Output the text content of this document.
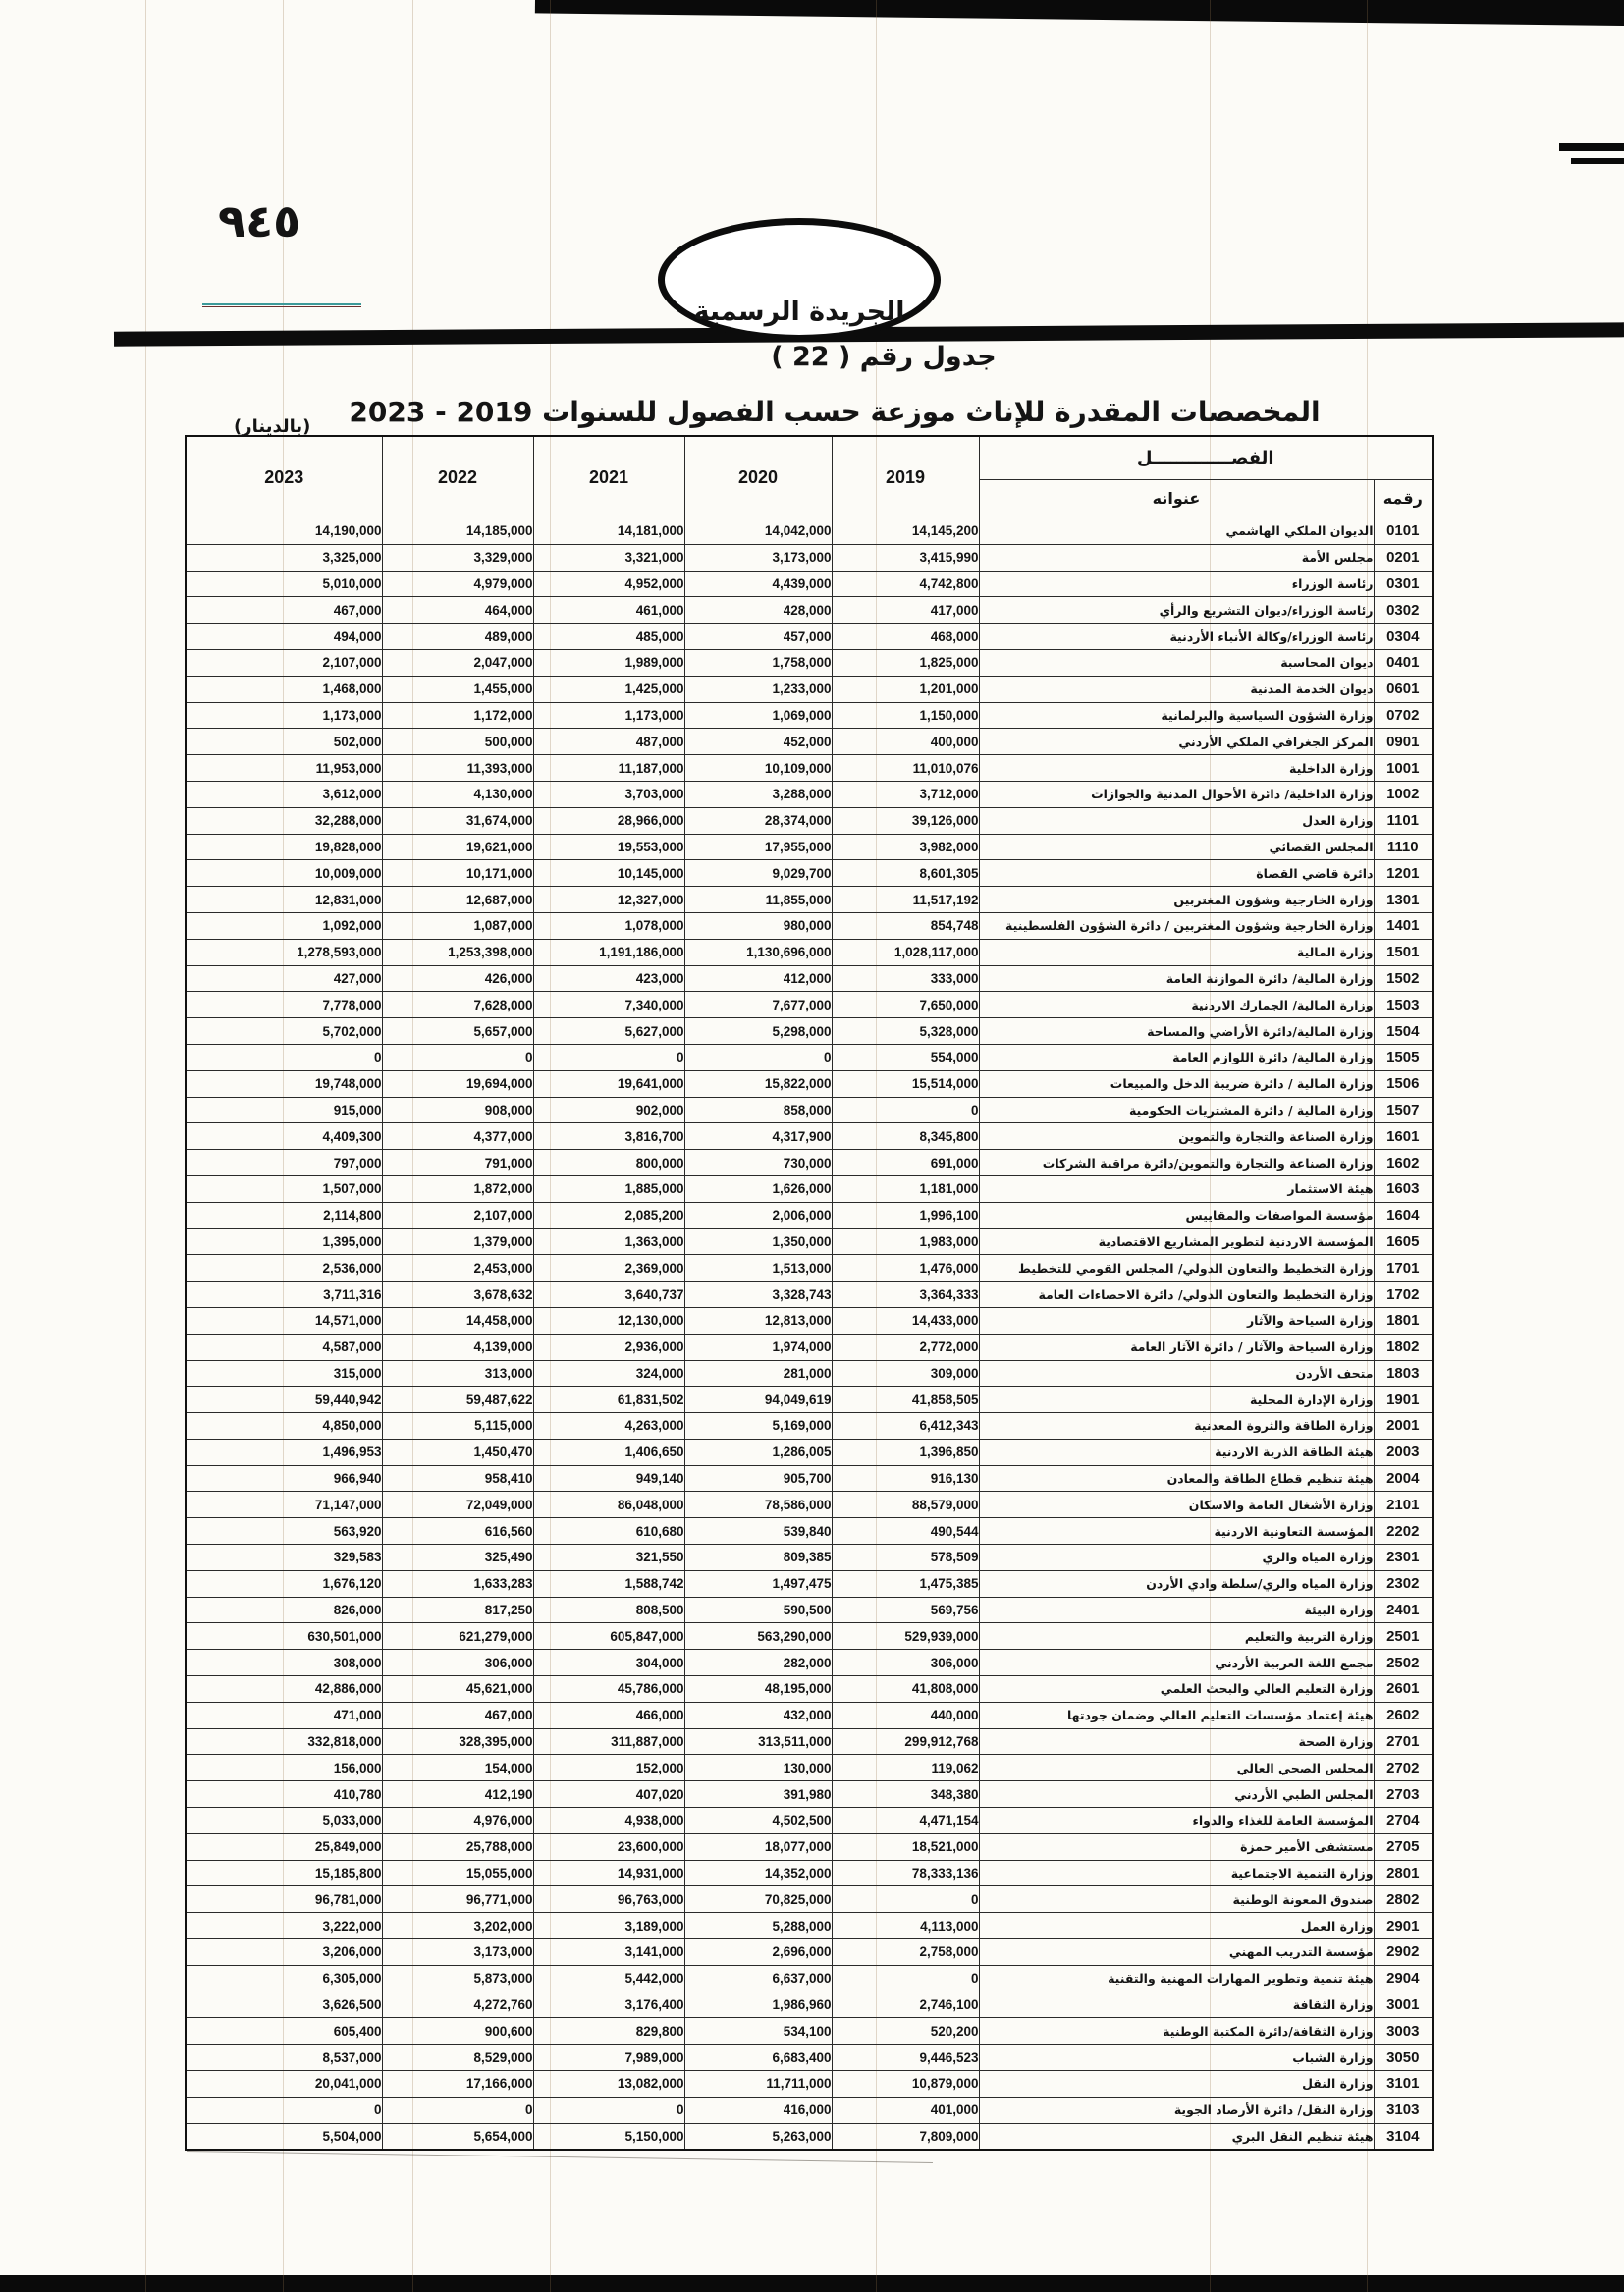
٩٤٥
الجريدة الرسمية
جدول رقم ( 22 )
المخصصات المقدرة للإناث موزعة حسب الفصول للسنوات 2019 - 2023
(بالدينار)
2023	2022	2021	2020	2019	الفصـــــــــــــل	
					عنوانه	رقمه
14,190,000	14,185,000	14,181,000	14,042,000	14,145,200	الديوان الملكي الهاشمي	0101
3,325,000	3,329,000	3,321,000	3,173,000	3,415,990	مجلس الأمة	0201
5,010,000	4,979,000	4,952,000	4,439,000	4,742,800	رئاسة الوزراء	0301
467,000	464,000	461,000	428,000	417,000	رئاسة الوزراء/ديوان التشريع والرأي	0302
494,000	489,000	485,000	457,000	468,000	رئاسة الوزراء/وكالة الأنباء الأردنية	0304
2,107,000	2,047,000	1,989,000	1,758,000	1,825,000	ديوان المحاسبة	0401
1,468,000	1,455,000	1,425,000	1,233,000	1,201,000	ديوان الخدمة المدنية	0601
1,173,000	1,172,000	1,173,000	1,069,000	1,150,000	وزارة الشؤون السياسية والبرلمانية	0702
502,000	500,000	487,000	452,000	400,000	المركز الجغرافي الملكي الأردني	0901
11,953,000	11,393,000	11,187,000	10,109,000	11,010,076	وزارة الداخلية	1001
3,612,000	4,130,000	3,703,000	3,288,000	3,712,000	وزارة الداخلية/ دائرة الأحوال المدنية والجوازات	1002
32,288,000	31,674,000	28,966,000	28,374,000	39,126,000	وزارة العدل	1101
19,828,000	19,621,000	19,553,000	17,955,000	3,982,000	المجلس القضائي	1110
10,009,000	10,171,000	10,145,000	9,029,700	8,601,305	دائرة قاضي القضاة	1201
12,831,000	12,687,000	12,327,000	11,855,000	11,517,192	وزارة الخارجية وشؤون المغتربين	1301
1,092,000	1,087,000	1,078,000	980,000	854,748	وزارة الخارجية وشؤون المغتربين / دائرة الشؤون الفلسطينية	1401
1,278,593,000	1,253,398,000	1,191,186,000	1,130,696,000	1,028,117,000	وزارة المالية	1501
427,000	426,000	423,000	412,000	333,000	وزارة المالية/ دائرة الموازنة العامة	1502
7,778,000	7,628,000	7,340,000	7,677,000	7,650,000	وزارة المالية/ الجمارك الاردنية	1503
5,702,000	5,657,000	5,627,000	5,298,000	5,328,000	وزارة المالية/دائرة الأراضي والمساحة	1504
0	0	0	0	554,000	وزارة المالية/ دائرة اللوازم العامة	1505
19,748,000	19,694,000	19,641,000	15,822,000	15,514,000	وزارة المالية / دائرة ضريبة الدخل والمبيعات	1506
915,000	908,000	902,000	858,000	0	وزارة المالية / دائرة المشتريات الحكومية	1507
4,409,300	4,377,000	3,816,700	4,317,900	8,345,800	وزارة الصناعة والتجارة والتموين	1601
797,000	791,000	800,000	730,000	691,000	وزارة الصناعة والتجارة والتموين/دائرة مراقبة الشركات	1602
1,507,000	1,872,000	1,885,000	1,626,000	1,181,000	هيئة الاستثمار	1603
2,114,800	2,107,000	2,085,200	2,006,000	1,996,100	مؤسسة المواصفات والمقاييس	1604
1,395,000	1,379,000	1,363,000	1,350,000	1,983,000	المؤسسة الاردنية لتطوير المشاريع الاقتصادية	1605
2,536,000	2,453,000	2,369,000	1,513,000	1,476,000	وزارة التخطيط والتعاون الدولي/ المجلس القومي للتخطيط	1701
3,711,316	3,678,632	3,640,737	3,328,743	3,364,333	وزارة التخطيط والتعاون الدولي/ دائرة الاحصاءات العامة	1702
14,571,000	14,458,000	12,130,000	12,813,000	14,433,000	وزارة السياحة والآثار	1801
4,587,000	4,139,000	2,936,000	1,974,000	2,772,000	وزارة السياحة والآثار / دائرة الآثار العامة	1802
315,000	313,000	324,000	281,000	309,000	متحف الأردن	1803
59,440,942	59,487,622	61,831,502	94,049,619	41,858,505	وزارة الإدارة المحلية	1901
4,850,000	5,115,000	4,263,000	5,169,000	6,412,343	وزارة الطاقة والثروة المعدنية	2001
1,496,953	1,450,470	1,406,650	1,286,005	1,396,850	هيئة الطاقة الذرية الاردنية	2003
966,940	958,410	949,140	905,700	916,130	هيئة تنظيم قطاع الطاقة والمعادن	2004
71,147,000	72,049,000	86,048,000	78,586,000	88,579,000	وزارة الأشغال العامة والاسكان	2101
563,920	616,560	610,680	539,840	490,544	المؤسسة التعاونية الاردنية	2202
329,583	325,490	321,550	809,385	578,509	وزارة المياه والري	2301
1,676,120	1,633,283	1,588,742	1,497,475	1,475,385	وزارة المياه والري/سلطة وادي الأردن	2302
826,000	817,250	808,500	590,500	569,756	وزارة البيئة	2401
630,501,000	621,279,000	605,847,000	563,290,000	529,939,000	وزارة التربية والتعليم	2501
308,000	306,000	304,000	282,000	306,000	مجمع اللغة العربية الأردني	2502
42,886,000	45,621,000	45,786,000	48,195,000	41,808,000	وزارة التعليم العالي والبحث العلمي	2601
471,000	467,000	466,000	432,000	440,000	هيئة إعتماد مؤسسات التعليم العالي وضمان جودتها	2602
332,818,000	328,395,000	311,887,000	313,511,000	299,912,768	وزارة الصحة	2701
156,000	154,000	152,000	130,000	119,062	المجلس الصحي العالي	2702
410,780	412,190	407,020	391,980	348,380	المجلس الطبي الأردني	2703
5,033,000	4,976,000	4,938,000	4,502,500	4,471,154	المؤسسة العامة للغذاء والدواء	2704
25,849,000	25,788,000	23,600,000	18,077,000	18,521,000	مستشفى الأمير حمزة	2705
15,185,800	15,055,000	14,931,000	14,352,000	78,333,136	وزارة التنمية الاجتماعية	2801
96,781,000	96,771,000	96,763,000	70,825,000	0	صندوق المعونة الوطنية	2802
3,222,000	3,202,000	3,189,000	5,288,000	4,113,000	وزارة العمل	2901
3,206,000	3,173,000	3,141,000	2,696,000	2,758,000	مؤسسة التدريب المهني	2902
6,305,000	5,873,000	5,442,000	6,637,000	0	هيئة تنمية وتطوير المهارات المهنية والتقنية	2904
3,626,500	4,272,760	3,176,400	1,986,960	2,746,100	وزارة الثقافة	3001
605,400	900,600	829,800	534,100	520,200	وزارة الثقافة/دائرة المكتبة الوطنية	3003
8,537,000	8,529,000	7,989,000	6,683,400	9,446,523	وزارة الشباب	3050
20,041,000	17,166,000	13,082,000	11,711,000	10,879,000	وزارة النقل	3101
0	0	0	416,000	401,000	وزارة النقل/ دائرة الأرصاد الجوية	3103
5,504,000	5,654,000	5,150,000	5,263,000	7,809,000	هيئة تنظيم النقل البري	3104
